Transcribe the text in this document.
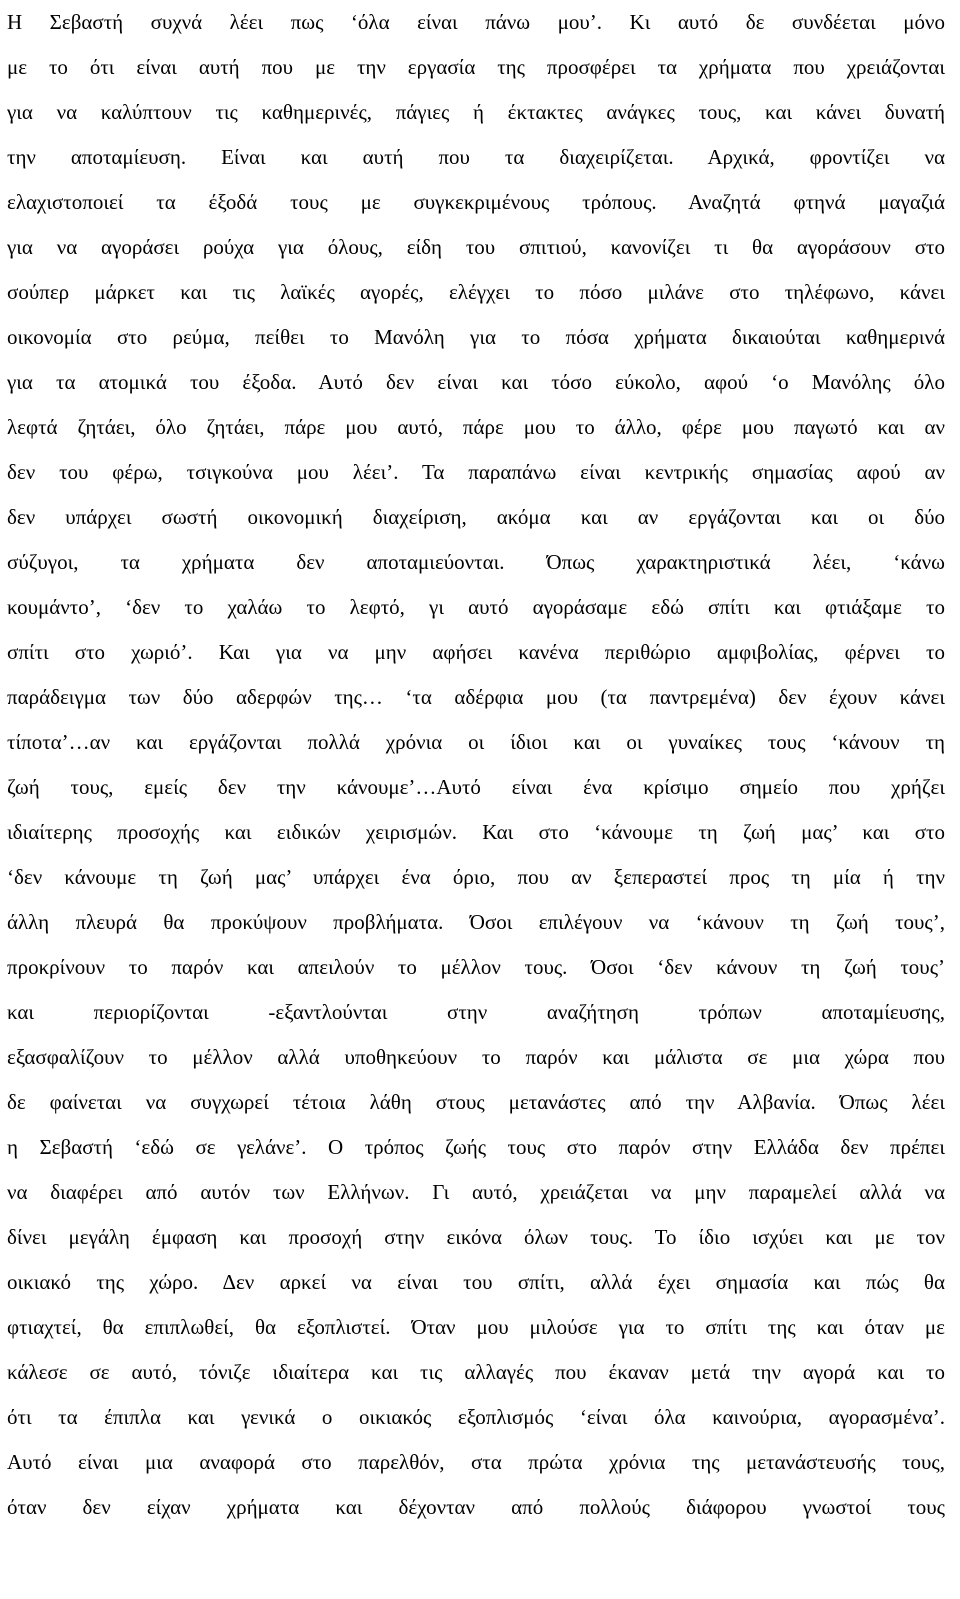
Η Σεβαστή συχνά λέει πως ‘όλα είναι πάνω μου’. Κι αυτό δε συνδέεται μόνο
με το ότι είναι αυτή που με την εργασία της προσφέρει τα χρήματα που χρειάζονται
για να καλύπτουν τις καθημερινές, πάγιες ή έκτακτες ανάγκες τους, και κάνει δυνατή
την αποταμίευση. Είναι και αυτή που τα διαχειρίζεται. Αρχικά, φροντίζει να
ελαχιστοποιεί τα έξοδά τους με συγκεκριμένους τρόπους. Αναζητά φτηνά μαγαζιά
για να αγοράσει ρούχα για όλους, είδη του σπιτιού, κανονίζει τι θα αγοράσουν στο
σούπερ μάρκετ και τις λαϊκές αγορές, ελέγχει το πόσο μιλάνε στο τηλέφωνο, κάνει
οικονομία στο ρεύμα, πείθει το Μανόλη για το πόσα χρήματα δικαιούται καθημερινά
για τα ατομικά του έξοδα. Αυτό δεν είναι και τόσο εύκολο, αφού ‘ο Μανόλης όλο
λεφτά ζητάει, όλο ζητάει, πάρε μου αυτό, πάρε μου το άλλο, φέρε μου παγωτό και αν
δεν του φέρω, τσιγκούνα μου λέει’. Τα παραπάνω είναι κεντρικής σημασίας αφού αν
δεν υπάρχει σωστή οικονομική διαχείριση, ακόμα και αν εργάζονται και οι δύο
σύζυγοι, τα χρήματα δεν αποταμιεύονται. Όπως χαρακτηριστικά λέει, ‘κάνω
κουμάντο’, ‘δεν το χαλάω το λεφτό, γι αυτό αγοράσαμε εδώ σπίτι και φτιάξαμε το
σπίτι στο χωριό’. Και για να μην αφήσει κανένα περιθώριο αμφιβολίας, φέρνει το
παράδειγμα των δύο αδερφών της… ‘τα αδέρφια μου (τα παντρεμένα) δεν έχουν κάνει
τίποτα’…αν και εργάζονται πολλά χρόνια οι ίδιοι και οι γυναίκες τους ‘κάνουν τη
ζωή τους, εμείς δεν την κάνουμε’…Αυτό είναι ένα κρίσιμο σημείο που χρήζει
ιδιαίτερης προσοχής και ειδικών χειρισμών. Και στο ‘κάνουμε τη ζωή μας’ και στο
‘δεν κάνουμε τη ζωή μας’ υπάρχει ένα όριο, που αν ξεπεραστεί προς τη μία ή την
άλλη πλευρά θα προκύψουν προβλήματα. Όσοι επιλέγουν να ‘κάνουν τη ζωή τους’,
προκρίνουν το παρόν και απειλούν το μέλλον τους. Όσοι ‘δεν κάνουν τη ζωή τους’
και περιορίζονται -εξαντλούνται στην αναζήτηση τρόπων αποταμίευσης,
εξασφαλίζουν το μέλλον αλλά υποθηκεύουν το παρόν και μάλιστα σε μια χώρα που
δε φαίνεται να συγχωρεί τέτοια λάθη στους μετανάστες από την Αλβανία. Όπως λέει
η Σεβαστή ‘εδώ σε γελάνε’. Ο τρόπος ζωής τους στο παρόν στην Ελλάδα δεν πρέπει
να διαφέρει από αυτόν των Ελλήνων. Γι αυτό, χρειάζεται να μην παραμελεί αλλά να
δίνει μεγάλη έμφαση και προσοχή στην εικόνα όλων τους. Το ίδιο ισχύει και με τον
οικιακό της χώρο. Δεν αρκεί να είναι του σπίτι, αλλά έχει σημασία και πώς θα
φτιαχτεί, θα επιπλωθεί, θα εξοπλιστεί. Όταν μου μιλούσε για το σπίτι της και όταν με
κάλεσε σε αυτό, τόνιζε ιδιαίτερα και τις αλλαγές που έκαναν μετά την αγορά και το
ότι τα έπιπλα και γενικά ο οικιακός εξοπλισμός ‘είναι όλα καινούρια, αγορασμένα’.
Αυτό είναι μια αναφορά στο παρελθόν, στα πρώτα χρόνια της μετανάστευσής τους,
όταν δεν είχαν χρήματα και δέχονταν από πολλούς διάφορου γνωστοί τους
